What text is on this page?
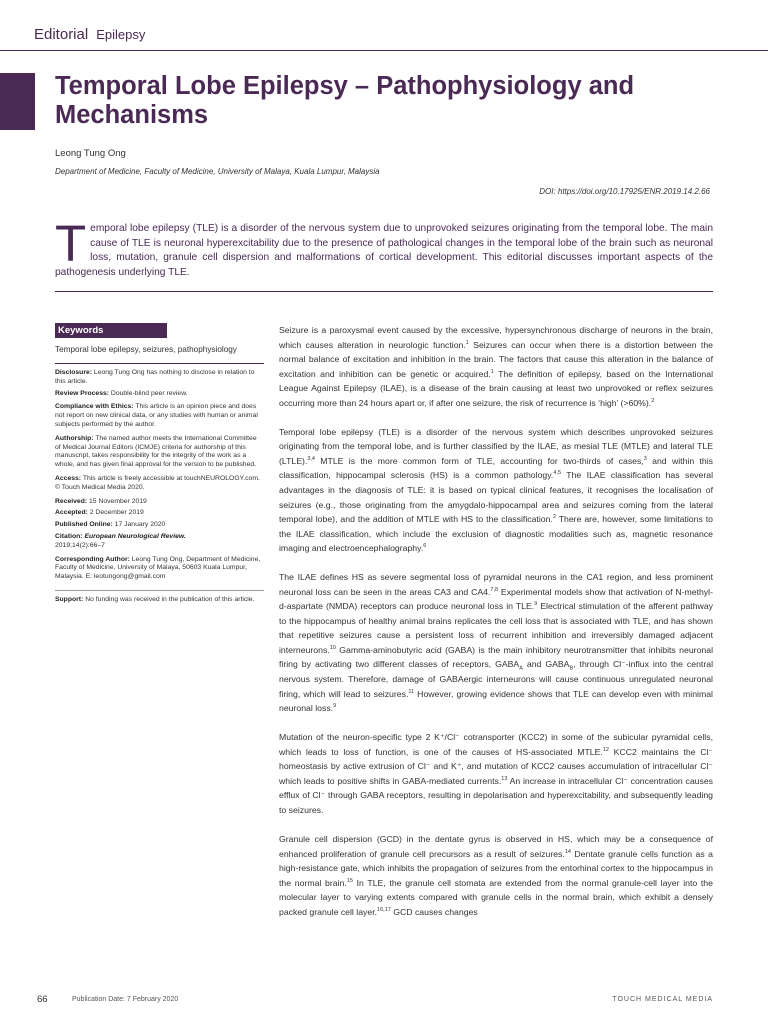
Editorial Epilepsy
Temporal Lobe Epilepsy – Pathophysiology and Mechanisms
Leong Tung Ong
Department of Medicine, Faculty of Medicine, University of Malaya, Kuala Lumpur, Malaysia
DOI: https://doi.org/10.17925/ENR.2019.14.2.66
Temporal lobe epilepsy (TLE) is a disorder of the nervous system due to unprovoked seizures originating from the temporal lobe. The main cause of TLE is neuronal hyperexcitability due to the presence of pathological changes in the temporal lobe of the brain such as neuronal loss, mutation, granule cell dispersion and malformations of cortical development. This editorial discusses important aspects of the pathogenesis underlying TLE.
Keywords
Temporal lobe epilepsy, seizures, pathophysiology

Disclosure: Leong Tung Ong has nothing to disclose in relation to this article.

Review Process: Double-blind peer review.

Compliance with Ethics: This article is an opinion piece and does not report on new clinical data, or any studies with human or animal subjects performed by the author.

Authorship: The named author meets the International Committee of Medical Journal Editors (ICMJE) criteria for authorship of this manuscript, takes responsibility for the integrity of the work as a whole, and has given final approval for the version to be published.

Access: This article is freely accessible at touchNEUROLOGY.com. © Touch Medical Media 2020.

Received: 15 November 2019

Accepted: 2 December 2019

Published Online: 17 January 2020

Citation: European Neurological Review.
2019;14(2):66–7

Corresponding Author: Leong Tung Ong, Department of Medicine, Faculty of Medicine, University of Malaya, 50603 Kuala Lumpur, Malaysia. E: leotungong@gmail.com

Support: No funding was received in the publication of this article.

Seizure is a paroxysmal event caused by the excessive, hypersynchronous discharge of neurons in the brain, which causes alteration in neurologic function.$^1$ Seizures can occur when there is a distortion between the normal balance of excitation and inhibition in the brain. The factors that cause this alteration in the balance of excitation and inhibition can be genetic or acquired.$^1$ The definition of epilepsy, based on the International League Against Epilepsy (ILAE), is a disease of the brain causing at least two unprovoked or reflex seizures occurring more than 24 hours apart or, if after one seizure, the risk of recurrence is ‘high’ (>60%).$^2$

Temporal lobe epilepsy (TLE) is a disorder of the nervous system which describes unprovoked seizures originating from the temporal lobe, and is further classified by the ILAE, as mesial TLE (MTLE) and lateral TLE (LTLE).$^{3,4}$ MTLE is the more common form of TLE, accounting for two-thirds of cases,$^3$ and within this classification, hippocampal sclerosis (HS) is a common pathology.$^{4,5}$ The ILAE classification has several advantages in the diagnosis of TLE: it is based on typical clinical features, it recognises the localisation of seizures (e.g., those originating from the amygdalo-hippocampal area and seizures coming from the lateral temporal lobe), and the addition of MTLE with HS to the classification.$^2$ There are, however, some limitations to the ILAE classification, which include the exclusion of diagnostic modalities such as, magnetic resonance imaging and electroencephalography.$^6$

The ILAE defines HS as severe segmental loss of pyramidal neurons in the CA1 region, and less prominent neuronal loss can be seen in the areas CA3 and CA4.$^{7,8}$ Experimental models show that activation of N-methyl-d-aspartate (NMDA) receptors can produce neuronal loss in TLE.$^9$ Electrical stimulation of the afferent pathway to the hippocampus of healthy animal brains replicates the cell loss that is associated with TLE, and has shown that repetitive seizures cause a persistent loss of recurrent inhibition and irreversibly damaged adjacent interneurons.$^{10}$ Gamma-aminobutyric acid (GABA) is the main inhibitory neurotransmitter that inhibits neuronal firing by activating two different classes of receptors, $GABA_A$ and $GABA_B$, through Cl⁻-influx into the central nervous system. Therefore, damage of GABAergic interneurons will cause continuous unregulated neuronal firing, which will lead to seizures.$^{11}$ However, growing evidence shows that TLE can develop even with minimal neuronal loss.$^9$

Mutation of the neuron-specific type 2 K⁺/Cl⁻ cotransporter (KCC2) in some of the subicular pyramidal cells, which leads to loss of function, is one of the causes of HS-associated MTLE.$^{12}$ KCC2 maintains the Cl⁻ homeostasis by active extrusion of Cl⁻ and K⁺, and mutation of KCC2 causes accumulation of intracellular Cl⁻ which leads to positive shifts in GABA-mediated currents.$^{13}$ An increase in intracellular Cl⁻ concentration causes efflux of Cl⁻ through GABA receptors, resulting in depolarisation and hyperexcitability, and subsequently leading to seizures.

Granule cell dispersion (GCD) in the dentate gyrus is observed in HS, which may be a consequence of enhanced proliferation of granule cell precursors as a result of seizures.$^{14}$ Dentate granule cells function as a high-resistance gate, which inhibits the propagation of seizures from the entorhinal cortex to the hippocampus in the normal brain.$^{15}$ In TLE, the granule cell stomata are extended from the normal granule-cell layer into the molecular layer to varying extents compared with granule cells in the normal brain, which exhibit a densely packed granule cell layer.$^{16,17}$ GCD causes changes

66	Publication Date: 7 February 2020	TOUCH MEDICAL MEDIA
